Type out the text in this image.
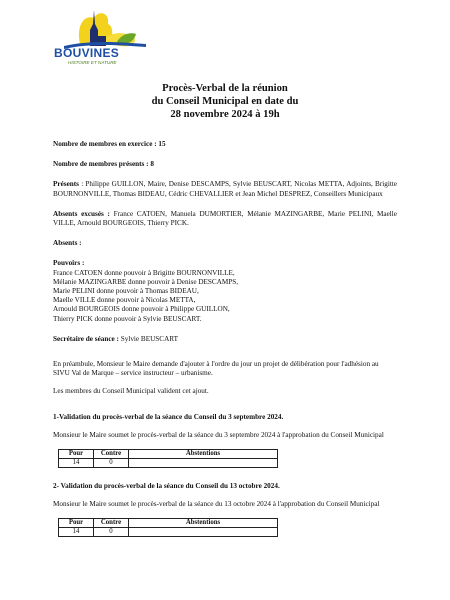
BOUVINES
HISTOIRE ET NATURE
Procès-Verbal de la réunion
du Conseil Municipal en date du
28 novembre 2024 à 19h

Nombre de membres en exercice : 15

Nombre de membres présents : 8

Présents : Philippe GUILLON, Maire, Denise DESCAMPS, Sylvie BEUSCART, Nicolas METTA, Adjoints, Brigitte BOURNONVILLE, Thomas BIDEAU, Cédric CHEVALLIER et Jean Michel DESPREZ, Conseillers Municipaux

Absents excusés : France CATOEN, Manuela DUMORTIER, Mélanie MAZINGARBE, Marie PELINI, Maelle VILLE, Arnould BOURGEOIS, Thierry PICK.

Absents :

Pouvoirs :

France CATOEN donne pouvoir à Brigitte BOURNONVILLE,
Mélanie MAZINGARBE donne pouvoir à Denise DESCAMPS,
Marie PELINI donne pouvoir à Thomas BIDEAU,
Maelle VILLE donne pouvoir à Nicolas METTA,
Arnould BOURGEOIS donne pouvoir à Philippe GUILLON,
Thierry PICK donne pouvoir à Sylvie BEUSCART.

Secrétaire de séance : Sylvie BEUSCART

En préambule, Monsieur le Maire demande d'ajouter à l'ordre du jour un projet de délibération pour l'adhésion au SIVU Val de Marque – service instructeur – urbanisme.

Les membres du Conseil Municipal valident cet ajout.

1-Validation du procès-verbal de la séance du Conseil du 3 septembre 2024.

Monsieur le Maire soumet le procès-verbal de la séance du 3 septembre 2024 à l'approbation du Conseil Municipal

Pour	Contre	Abstentions
14	0	

2- Validation du procès-verbal de la séance du Conseil du 13 octobre 2024.

Monsieur le Maire soumet le procès-verbal de la séance du 13 octobre 2024 à l'approbation du Conseil Municipal

Pour	Contre	Abstentions
14	0	
